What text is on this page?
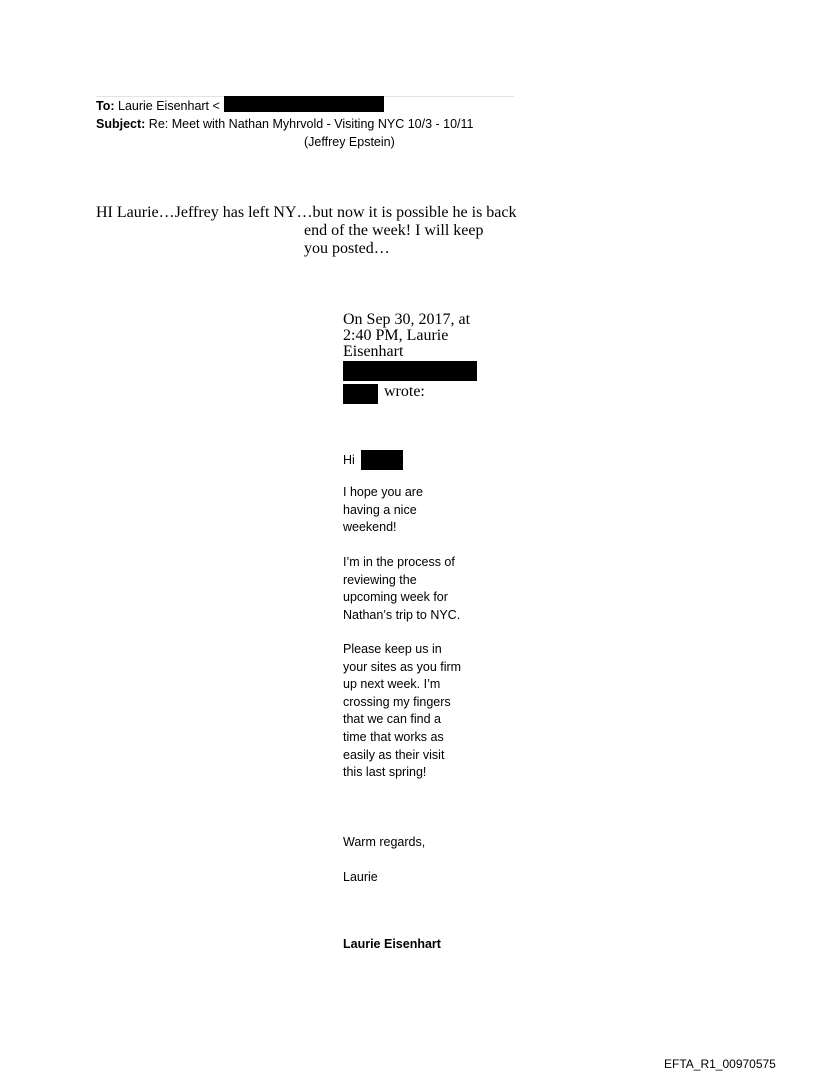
To: Laurie Eisenhart <
Subject: Re: Meet with Nathan Myhrvold - Visiting NYC 10/3 - 10/11
(Jeffrey Epstein)
HI Laurie…Jeffrey has left NY…but now it is possible he is back
end of the week! I will keep
you posted…
On Sep 30, 2017, at
2:40 PM, Laurie
Eisenhart
wrote:
Hi
I hope you are
having a nice
weekend!
I’m in the process of
reviewing the
upcoming week for
Nathan’s trip to NYC.
Please keep us in
your sites as you firm
up next week. I’m
crossing my fingers
that we can find a
time that works as
easily as their visit
this last spring!
Warm regards,
Laurie
Laurie Eisenhart
EFTA_R1_00970575
